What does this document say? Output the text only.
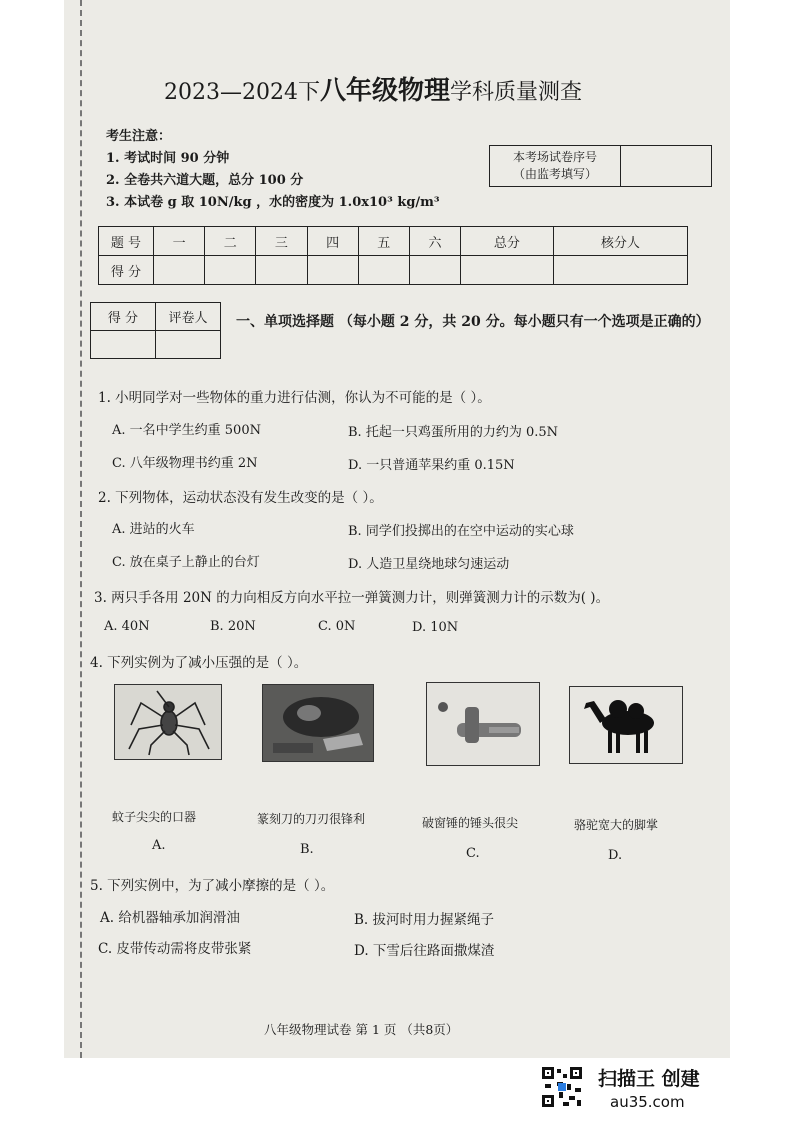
2023—2024下八年级物理学科质量测查
考生注意：
1. 考试时间 90 分钟
2. 全卷共六道大题，总分 100 分
3. 本试卷 g 取 10N/kg ，水的密度为 1.0x10³ kg/m³
本考场试卷序号
（由监考填写）
题 号	一	二	三	四	五	六	总分	核分人
得 分								
得 分	评卷人
	一、单项选择题 （每小题 2 分，共 20 分。每小题只有一个选项是正确的）
1. 小明同学对一些物体的重力进行估测，你认为不可能的是（ ）。
A. 一名中学生约重 500N	B. 托起一只鸡蛋所用的力约为 0.5N
C. 八年级物理书约重 2N	D. 一只普通苹果约重 0.15N
2. 下列物体，运动状态没有发生改变的是（ ）。
A. 进站的火车	B. 同学们投掷出的在空中运动的实心球
C. 放在桌子上静止的台灯	D. 人造卫星绕地球匀速运动
3. 两只手各用 20N 的力向相反方向水平拉一弹簧测力计，则弹簧测力计的示数为( )。
A. 40N	B. 20N	C. 0N	D. 10N
4. 下列实例为了减小压强的是（ ）。
蚊子尖尖的口器	篆刻刀的刀刃很锋利	破窗锤的锤头很尖	骆驼宽大的脚掌
A.	B.	C.	D.
5. 下列实例中，为了减小摩擦的是（ ）。
A. 给机器轴承加润滑油	B. 拔河时用力握紧绳子
C. 皮带传动需将皮带张紧	D. 下雪后往路面撒煤渣
八年级物理试卷 第 1 页 （共8页）
扫描王 创建
au35.com
